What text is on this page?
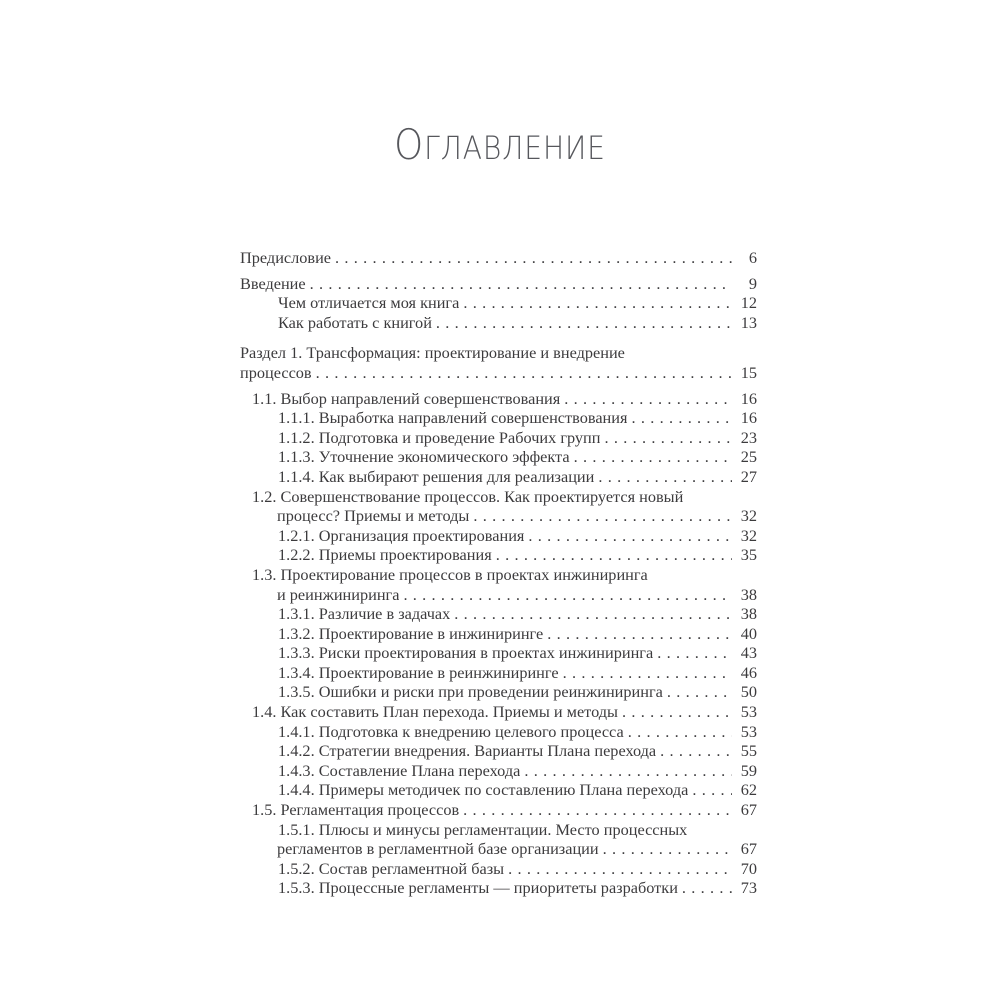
ОГЛАВЛЕНИЕ
Предисловие .....	6
Введение .....	9
Чем отличается моя книга .....	12
Как работать с книгой .....	13
Раздел 1. Трансформация: проектирование и внедрение
процессов .....	15
1.1. Выбор направлений совершенствования .....	16
1.1.1. Выработка направлений совершенствования .....	16
1.1.2. Подготовка и проведение Рабочих групп .....	23
1.1.3. Уточнение экономического эффекта .....	25
1.1.4. Как выбирают решения для реализации .....	27
1.2. Совершенствование процессов. Как проектируется новый
процесс? Приемы и методы .....	32
1.2.1. Организация проектирования .....	32
1.2.2. Приемы проектирования .....	35
1.3. Проектирование процессов в проектах инжиниринга
и реинжиниринга .....	38
1.3.1. Различие в задачах .....	38
1.3.2. Проектирование в инжиниринге .....	40
1.3.3. Риски проектирования в проектах инжиниринга .....	43
1.3.4. Проектирование в реинжиниринге .....	46
1.3.5. Ошибки и риски при проведении реинжиниринга .....	50
1.4. Как составить План перехода. Приемы и методы .....	53
1.4.1. Подготовка к внедрению целевого процесса .....	53
1.4.2. Стратегии внедрения. Варианты Плана перехода .....	55
1.4.3. Составление Плана перехода .....	59
1.4.4. Примеры методичек по составлению Плана перехода .....	62
1.5. Регламентация процессов .....	67
1.5.1. Плюсы и минусы регламентации. Место процессных
регламентов в регламентной базе организации .....	67
1.5.2. Состав регламентной базы .....	70
1.5.3. Процессные регламенты — приоритеты разработки .....	73
